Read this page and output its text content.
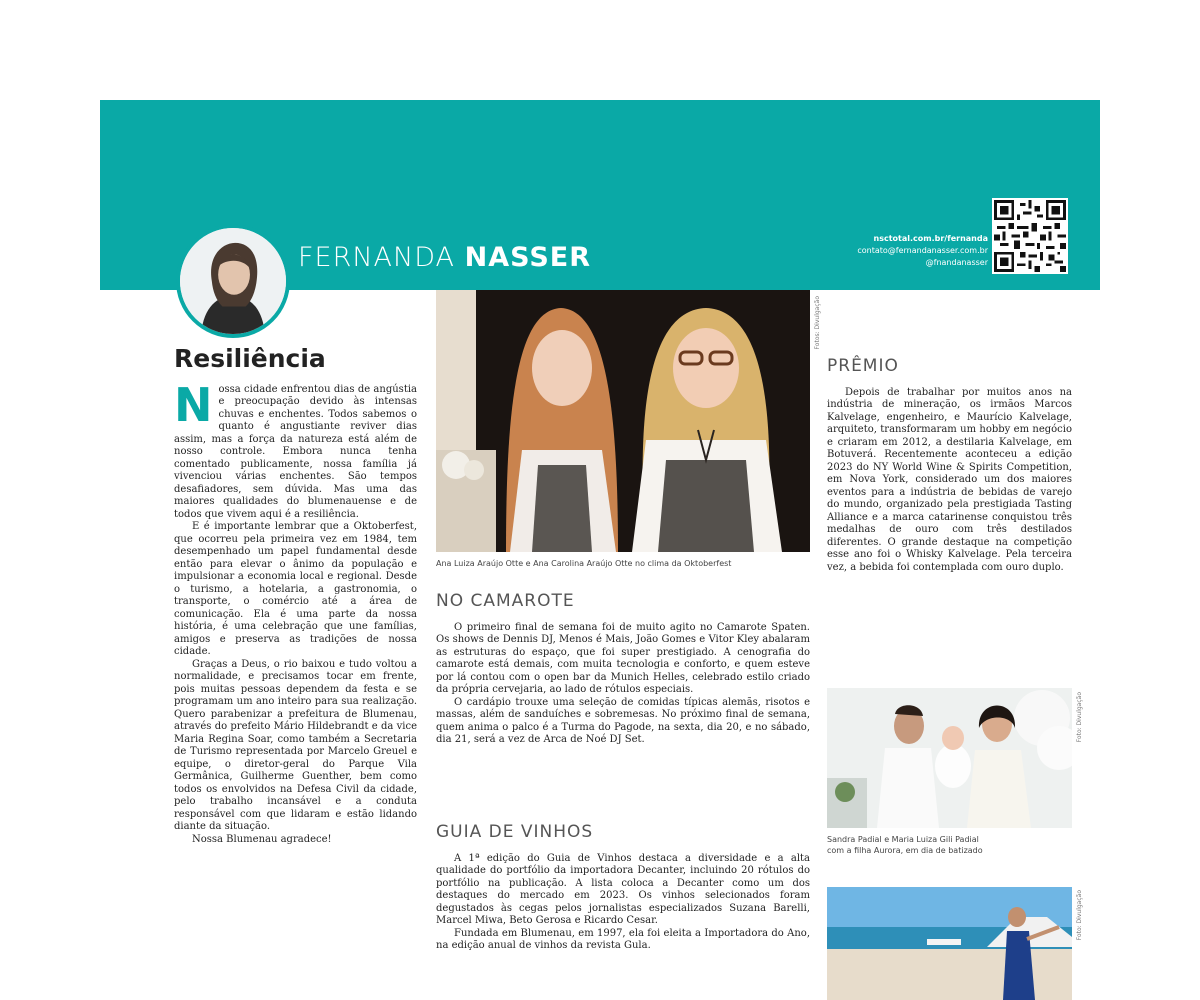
FERNANDA NASSER
nsctotal.com.br/fernanda
contato@fernandanasser.com.br
@fnandanasser
Resiliência

Nossa cidade enfrentou dias de angústia e preocupação devido às intensas chuvas e enchentes. Todos sabemos o quanto é angustiante reviver dias assim, mas a força da natureza está além de nosso controle. Embora nunca tenha comentado publicamente, nossa família já vivenciou várias enchentes. São tempos desafiadores, sem dúvida. Mas uma das maiores qualidades do blumenauense e de todos que vivem aqui é a resiliência.

E é importante lembrar que a Oktoberfest, que ocorreu pela primeira vez em 1984, tem desempenhado um papel fundamental desde então para elevar o ânimo da população e impulsionar a economia local e regional. Desde o turismo, a hotelaria, a gastronomia, o transporte, o comércio até a área de comunicação. Ela é uma parte da nossa história, é uma celebração que une famílias, amigos e preserva as tradições de nossa cidade.

Graças a Deus, o rio baixou e tudo voltou a normalidade, e precisamos tocar em frente, pois muitas pessoas dependem da festa e se programam um ano inteiro para sua realização. Quero parabenizar a prefeitura de Blumenau, através do prefeito Mário Hildebrandt e da vice Maria Regina Soar, como também a Secretaria de Turismo representada por Marcelo Greuel e equipe, o diretor-geral do Parque Vila Germânica, Guilherme Guenther, bem como todos os envolvidos na Defesa Civil da cidade, pelo trabalho incansável e a conduta responsável com que lidaram e estão lidando diante da situação.

Nossa Blumenau agradece!

Fotos: Divulgação
Ana Luiza Araújo Otte e Ana Carolina Araújo Otte no clima da Oktoberfest
NO CAMAROTE

O primeiro final de semana foi de muito agito no Camarote Spaten. Os shows de Dennis DJ, Menos é Mais, João Gomes e Vitor Kley abalaram as estruturas do espaço, que foi super prestigiado. A cenografia do camarote está demais, com muita tecnologia e conforto, e quem esteve por lá contou com o open bar da Munich Helles, celebrado estilo criado da própria cervejaria, ao lado de rótulos especiais.

O cardápio trouxe uma seleção de comidas típicas alemãs, risotos e massas, além de sanduíches e sobremesas. No próximo final de semana, quem anima o palco é a Turma do Pagode, na sexta, dia 20, e no sábado, dia 21, será a vez de Arca de Noé DJ Set.

GUIA DE VINHOS

A 1ª edição do Guia de Vinhos destaca a diversidade e a alta qualidade do portfólio da importadora Decanter, incluindo 20 rótulos do portfólio na publicação. A lista coloca a Decanter como um dos destaques do mercado em 2023. Os vinhos selecionados foram degustados às cegas pelos jornalistas especializados Suzana Barelli, Marcel Miwa, Beto Gerosa e Ricardo Cesar.

Fundada em Blumenau, em 1997, ela foi eleita a Importadora do Ano, na edição anual de vinhos da revista Gula.

PRÊMIO

Depois de trabalhar por muitos anos na indústria de mineração, os irmãos Marcos Kalvelage, engenheiro, e Maurício Kalvelage, arquiteto, transformaram um hobby em negócio e criaram em 2012, a destilaria Kalvelage, em Botuverá. Recentemente aconteceu a edição 2023 do NY World Wine & Spirits Competition, em Nova York, considerado um dos maiores eventos para a indústria de bebidas de varejo do mundo, organizado pela prestigiada Tasting Alliance e a marca catarinense conquistou três medalhas de ouro com três destilados diferentes. O grande destaque na competição esse ano foi o Whisky Kalvelage. Pela terceira vez, a bebida foi contemplada com ouro duplo.

Foto: Divulgação
Sandra Padial e Maria Luiza Gili Padial
com a filha Aurora, em dia de batizado
Foto: Divulgação
